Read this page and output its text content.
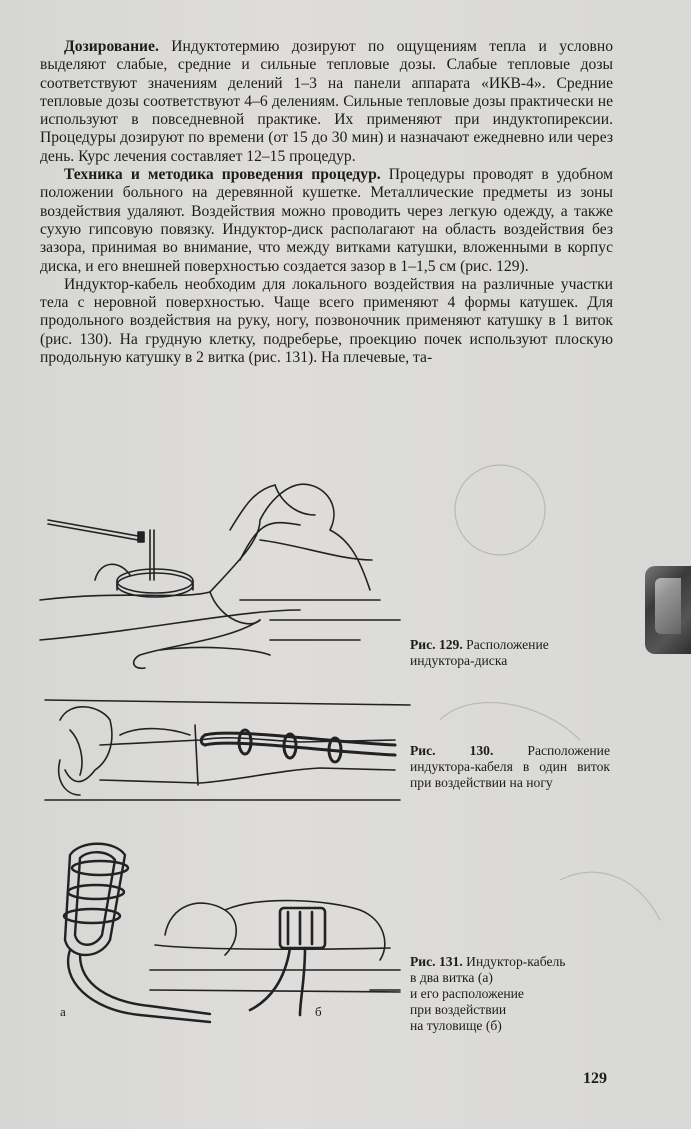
Дозирование. Индуктотермию дозируют по ощущениям тепла и условно выделяют слабые, средние и сильные тепловые дозы. Слабые тепловые дозы соответствуют значениям делений 1–3 на панели аппарата «ИКВ-4». Средние тепловые дозы соответствуют 4–6 делениям. Сильные тепловые дозы практически не используют в повседневной практике. Их применяют при индуктопирексии. Процедуры дозируют по времени (от 15 до 30 мин) и назначают ежедневно или через день. Курс лечения составляет 12–15 процедур.

Техника и методика проведения процедур. Процедуры проводят в удобном положении больного на деревянной кушетке. Металлические предметы из зоны воздействия удаляют. Воздействия можно проводить через легкую одежду, а также сухую гипсовую повязку. Индуктор-диск располагают на область воздействия без зазора, принимая во внимание, что между витками катушки, вложенными в корпус диска, и его внешней поверхностью создается зазор в 1–1,5 см (рис. 129).

Индуктор-кабель необходим для локального воздействия на различные участки тела с неровной поверхностью. Чаще всего применяют 4 формы катушек. Для продольного воздействия на руку, ногу, позвоночник применяют катушку в 1 виток (рис. 130). На грудную клетку, подреберье, проекцию почек используют плоскую продольную катушку в 2 витка (рис. 131). На плечевые, та-

Рис. 129. Расположение индуктора-диска
Рис. 130. Расположение индуктора-кабеля в один виток при воздействии на ногу
Рис. 131. Индуктор-кабель
в два витка (а)
и его расположение
при воздействии
на туловище (б)
а	б
129
